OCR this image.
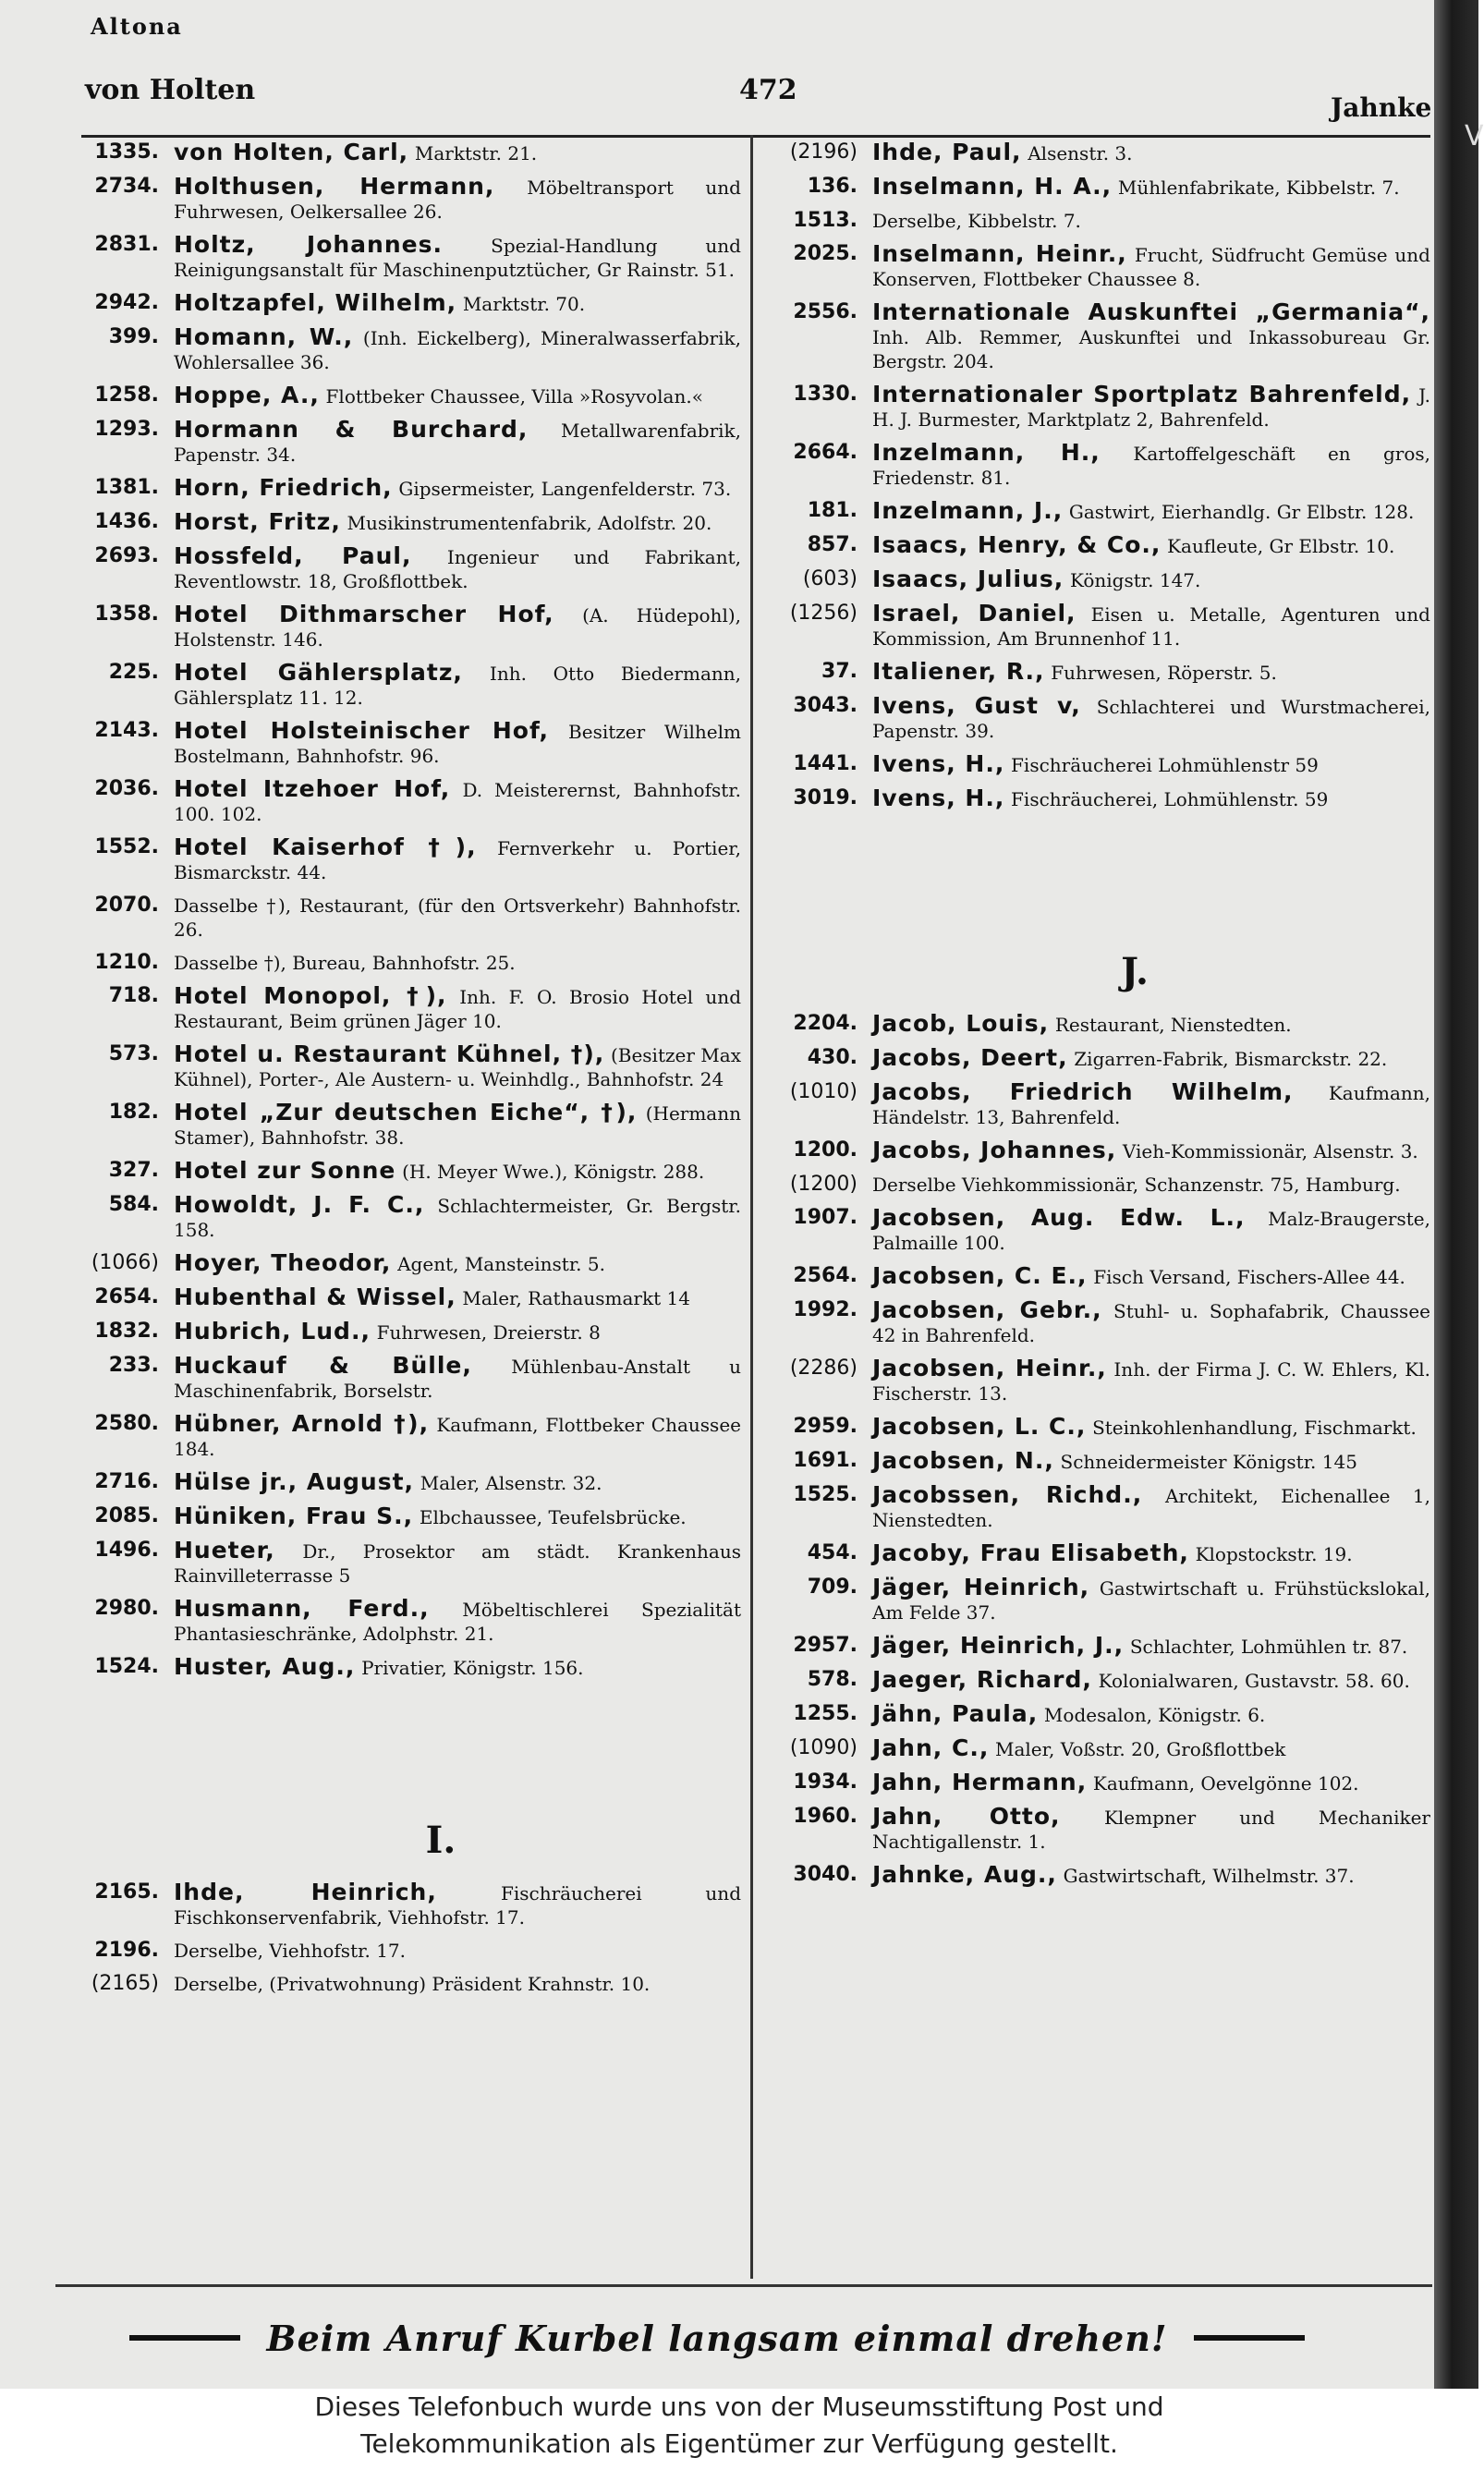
V
Altona
von Holten	472
Jahnke
1335. von Holten, Carl, Marktstr. 21.
2734. Holthusen, Hermann, Möbeltransport und Fuhrwesen, Oelkersallee 26.
2831. Holtz, Johannes.	Spezial-Handlung und Reinigungsanstalt für Maschinenputztücher, Gr Rainstr. 51.
2942. Holtzapfel, Wilhelm, Marktstr. 70.
399. Homann, W., (Inh. Eickelberg), Mineralwasserfabrik, Wohlersallee 36.
1258. Hoppe, A., Flottbeker Chaussee, Villa »Rosyvolan.«
1293. Hormann & Burchard, Metallwarenfabrik, Papenstr. 34.
1381. Horn, Friedrich, Gipsermeister, Langenfelderstr. 73.
1436. Horst, Fritz, Musikinstrumentenfabrik, Adolfstr. 20.
2693. Hossfeld, Paul, Ingenieur und Fabrikant, Reventlowstr. 18, Großflottbek.
1358. Hotel Dithmarscher Hof, (A. Hüdepohl), Holstenstr. 146.
225. Hotel Gählersplatz, Inh. Otto Biedermann, Gählersplatz 11. 12.
2143. Hotel Holsteinischer Hof, Besitzer Wilhelm Bostelmann, Bahnhofstr. 96.
2036. Hotel Itzehoer Hof, D. Meisterernst, Bahnhofstr. 100. 102.
1552. Hotel Kaiserhof †), Fernverkehr u. Portier, Bismarckstr. 44.
2070. Dasselbe †), Restaurant, (für den Ortsverkehr) Bahnhofstr. 26.
1210. Dasselbe †), Bureau, Bahnhofstr. 25.
718. Hotel Monopol, †), Inh. F. O. Brosio Hotel und Restaurant, Beim grünen Jäger 10.
573. Hotel u. Restaurant Kühnel, †), (Besitzer Max Kühnel), Porter-, Ale Austern- u. Weinhdlg., Bahnhofstr. 24
182. Hotel „Zur deutschen Eiche“, †), (Hermann Stamer), Bahnhofstr. 38.
327. Hotel zur Sonne (H. Meyer Wwe.), Königstr. 288.
584. Howoldt, J. F. C., Schlachtermeister, Gr. Bergstr. 158.
(1066) Hoyer, Theodor, Agent, Mansteinstr. 5.
2654. Hubenthal & Wissel, Maler, Rathausmarkt 14
1832. Hubrich, Lud., Fuhrwesen, Dreierstr. 8
233. Huckauf & Bülle, Mühlenbau-Anstalt u Maschinenfabrik, Borselstr.
2580. Hübner, Arnold †), Kaufmann, Flottbeker Chaussee 184.
2716. Hülse jr., August, Maler, Alsenstr. 32.
2085. Hüniken, Frau S., Elbchaussee, Teufelsbrücke.
1496. Hueter, Dr., Prosektor am städt. Krankenhaus Rainvilleterrasse 5
2980. Husmann, Ferd., Möbeltischlerei Spezialität Phantasieschränke, Adolphstr. 21.
1524. Huster, Aug., Privatier, Königstr. 156.
I.
2165. Ihde, Heinrich,	Fischräucherei und Fischkonservenfabrik, Viehhofstr. 17.
2196. Derselbe, Viehhofstr. 17.
(2165) Derselbe, (Privatwohnung) Präsident Krahnstr. 10.
(2196) Ihde, Paul, Alsenstr. 3.
136. Inselmann, H. A., Mühlenfabrikate, Kibbelstr. 7.
1513. Derselbe, Kibbelstr. 7.
2025. Inselmann, Heinr., Frucht, Südfrucht Gemüse und Konserven, Flottbeker Chaussee 8.
2556. Internationale Auskunftei „Germania“, Inh. Alb. Remmer, Auskunftei und Inkassobureau Gr. Bergstr. 204.
1330. Internationaler Sportplatz Bahrenfeld, J. H. J. Burmester, Marktplatz 2, Bahrenfeld.
2664. Inzelmann, H., Kartoffelgeschäft en gros, Friedenstr. 81.
181. Inzelmann, J., Gastwirt, Eierhandlg. Gr Elbstr. 128.
857. Isaacs, Henry, & Co., Kaufleute, Gr Elbstr. 10.
(603) Isaacs, Julius, Königstr. 147.
(1256) Israel, Daniel, Eisen u. Metalle, Agenturen und Kommission, Am Brunnenhof 11.
37. Italiener, R., Fuhrwesen, Röperstr. 5.
3043. Ivens, Gust v, Schlachterei und Wurstmacherei, Papenstr. 39.
1441. Ivens, H., Fischräucherei Lohmühlenstr 59
3019. Ivens, H., Fischräucherei, Lohmühlenstr. 59
J.
2204. Jacob, Louis, Restaurant, Nienstedten.
430. Jacobs, Deert, Zigarren-Fabrik, Bismarckstr. 22.
(1010) Jacobs, Friedrich Wilhelm, Kaufmann, Händelstr. 13, Bahrenfeld.
1200. Jacobs, Johannes, Vieh-Kommissionär, Alsenstr. 3.
(1200) Derselbe Viehkommissionär, Schanzenstr. 75, Hamburg.
1907. Jacobsen, Aug. Edw. L., Malz-Braugerste, Palmaille 100.
2564. Jacobsen, C. E., Fisch Versand, Fischers-Allee 44.
1992. Jacobsen, Gebr., Stuhl- u. Sophafabrik, Chaussee 42 in Bahrenfeld.
(2286) Jacobsen, Heinr., Inh. der Firma J. C. W. Ehlers, Kl. Fischerstr. 13.
2959. Jacobsen, L. C., Steinkohlenhandlung, Fischmarkt.
1691. Jacobsen, N., Schneidermeister Königstr. 145
1525. Jacobssen, Richd., Architekt, Eichenallee 1, Nienstedten.
454. Jacoby, Frau Elisabeth, Klopstockstr. 19.
709. Jäger, Heinrich, Gastwirtschaft u. Frühstückslokal, Am Felde 37.
2957. Jäger, Heinrich, J., Schlachter, Lohmühlen tr. 87.
578. Jaeger, Richard, Kolonialwaren, Gustavstr. 58. 60.
1255. Jähn, Paula, Modesalon, Königstr. 6.
(1090) Jahn, C., Maler, Voßstr. 20, Großflottbek
1934. Jahn, Hermann, Kaufmann, Oevelgönne 102.
1960. Jahn, Otto, Klempner und Mechaniker Nachtigallenstr. 1.
3040. Jahnke, Aug., Gastwirtschaft, Wilhelmstr. 37.
Beim Anruf Kurbel langsam einmal drehen!
Dieses Telefonbuch wurde uns von der Museumsstiftung Post und
Telekommunikation als Eigentümer zur Verfügung gestellt.
